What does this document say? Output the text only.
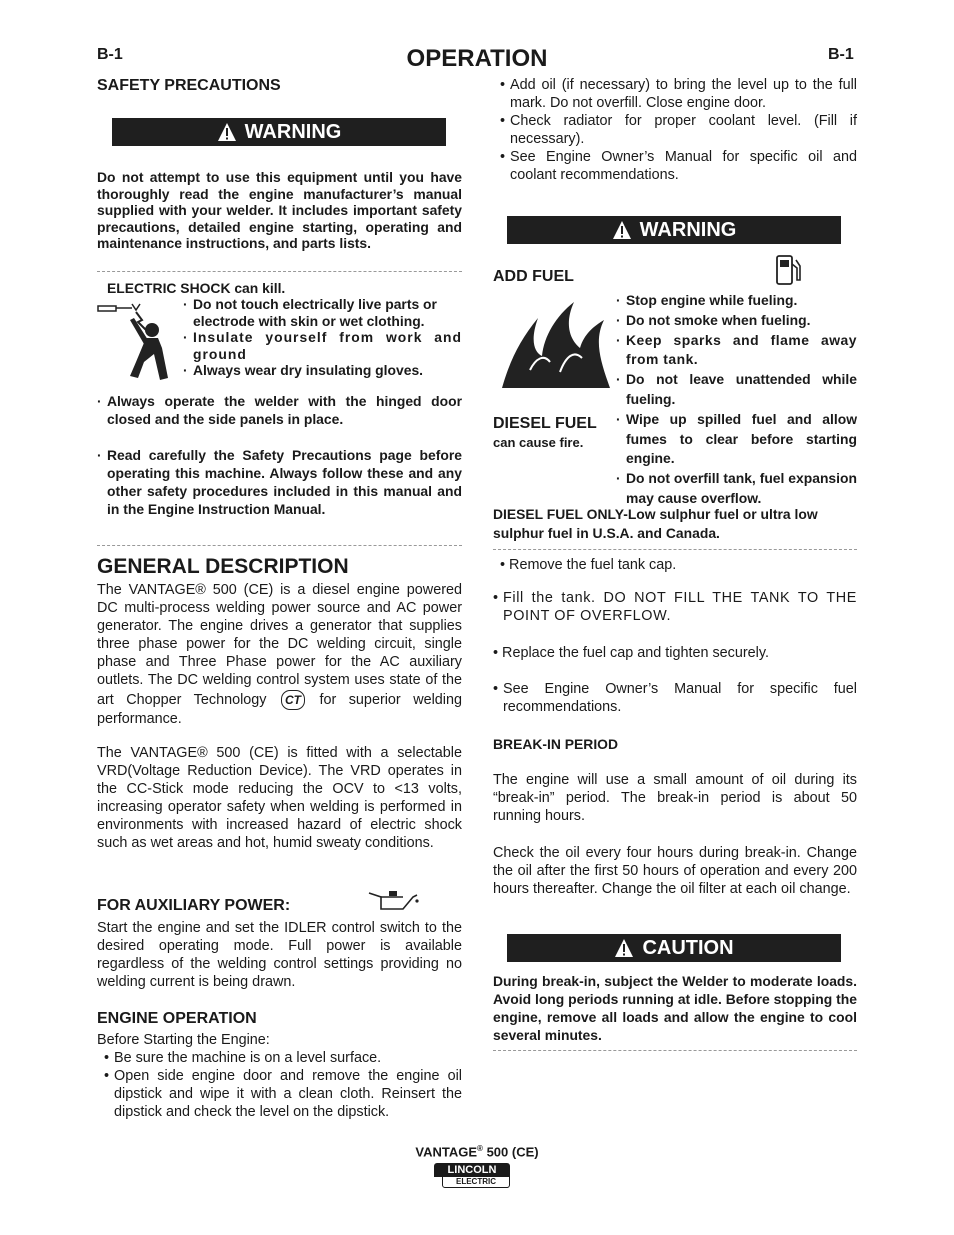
B-1	B-1
OPERATION
SAFETY PRECAUTIONS
WARNING
Do not attempt to use this equipment until you have thoroughly read the engine manufacturer’s manual supplied with your welder. It includes important safety precautions, detailed engine starting, operating and maintenance instructions, and parts lists.
ELECTRIC SHOCK can kill.
· Do not touch electrically live parts or electrode with skin or wet clothing.
· Insulate yourself from work and ground
· Always wear dry insulating gloves.
· Always operate the welder with the hinged door closed and the side panels in place.
· Read carefully the Safety Precautions page before operating this machine. Always follow these and any other safety procedures included in this manual and in the Engine Instruction Manual.
GENERAL DESCRIPTION
The VANTAGE® 500 (CE) is a diesel engine powered DC multi-process welding power source and AC power generator. The engine drives a generator that supplies three phase power for the DC welding circuit, single phase and Three Phase power for the AC auxiliary outlets. The DC welding control system uses state of the art Chopper Technology CT for superior welding performance.
The VANTAGE® 500 (CE) is fitted with a selectable VRD(Voltage Reduction Device). The VRD operates in the CC-Stick mode reducing the OCV to <13 volts, increasing operator safety when welding is performed in environments with increased hazard of electric shock such as wet areas and hot, humid sweaty conditions.
FOR AUXILIARY POWER:
Start the engine and set the IDLER control switch to the desired operating mode. Full power is available regardless of the welding control settings providing no welding current is being drawn.
ENGINE OPERATION
Before Starting the Engine:
• Be sure the machine is on a level surface.
• Open side engine door and remove the engine oil dipstick and wipe it with a clean cloth. Reinsert the dipstick and check the level on the dipstick.
• Add oil (if necessary) to bring the level up to the full mark. Do not overfill. Close engine door.
• Check radiator for proper coolant level. (Fill if necessary).
• See Engine Owner’s Manual for specific oil and coolant recommendations.
WARNING
ADD FUEL
· Stop engine while fueling.
· Do not smoke when fueling.
· Keep sparks and flame away from tank.
· Do not leave unattended while fueling.
· Wipe up spilled fuel and allow fumes to clear before starting engine.
· Do not overfill tank, fuel expansion may cause overflow.
DIESEL FUEL
can cause fire.
DIESEL FUEL ONLY-Low sulphur fuel or ultra low sulphur fuel in U.S.A. and Canada.
• Remove the fuel tank cap.
• Fill the tank. DO NOT FILL THE TANK TO THE POINT OF OVERFLOW.
• Replace the fuel cap and tighten securely.
• See Engine Owner’s Manual for specific fuel recommendations.
BREAK-IN PERIOD
The engine will use a small amount of oil during its “break-in” period. The break-in period is about 50 running hours.
Check the oil every four hours during break-in. Change the oil after the first 50 hours of operation and every 200 hours thereafter. Change the oil filter at each oil change.
CAUTION
During break-in, subject the Welder to moderate loads. Avoid long periods running at idle. Before stopping the engine, remove all loads and allow the engine to cool several minutes.
VANTAGE® 500 (CE)
LINCOLN
ELECTRIC
